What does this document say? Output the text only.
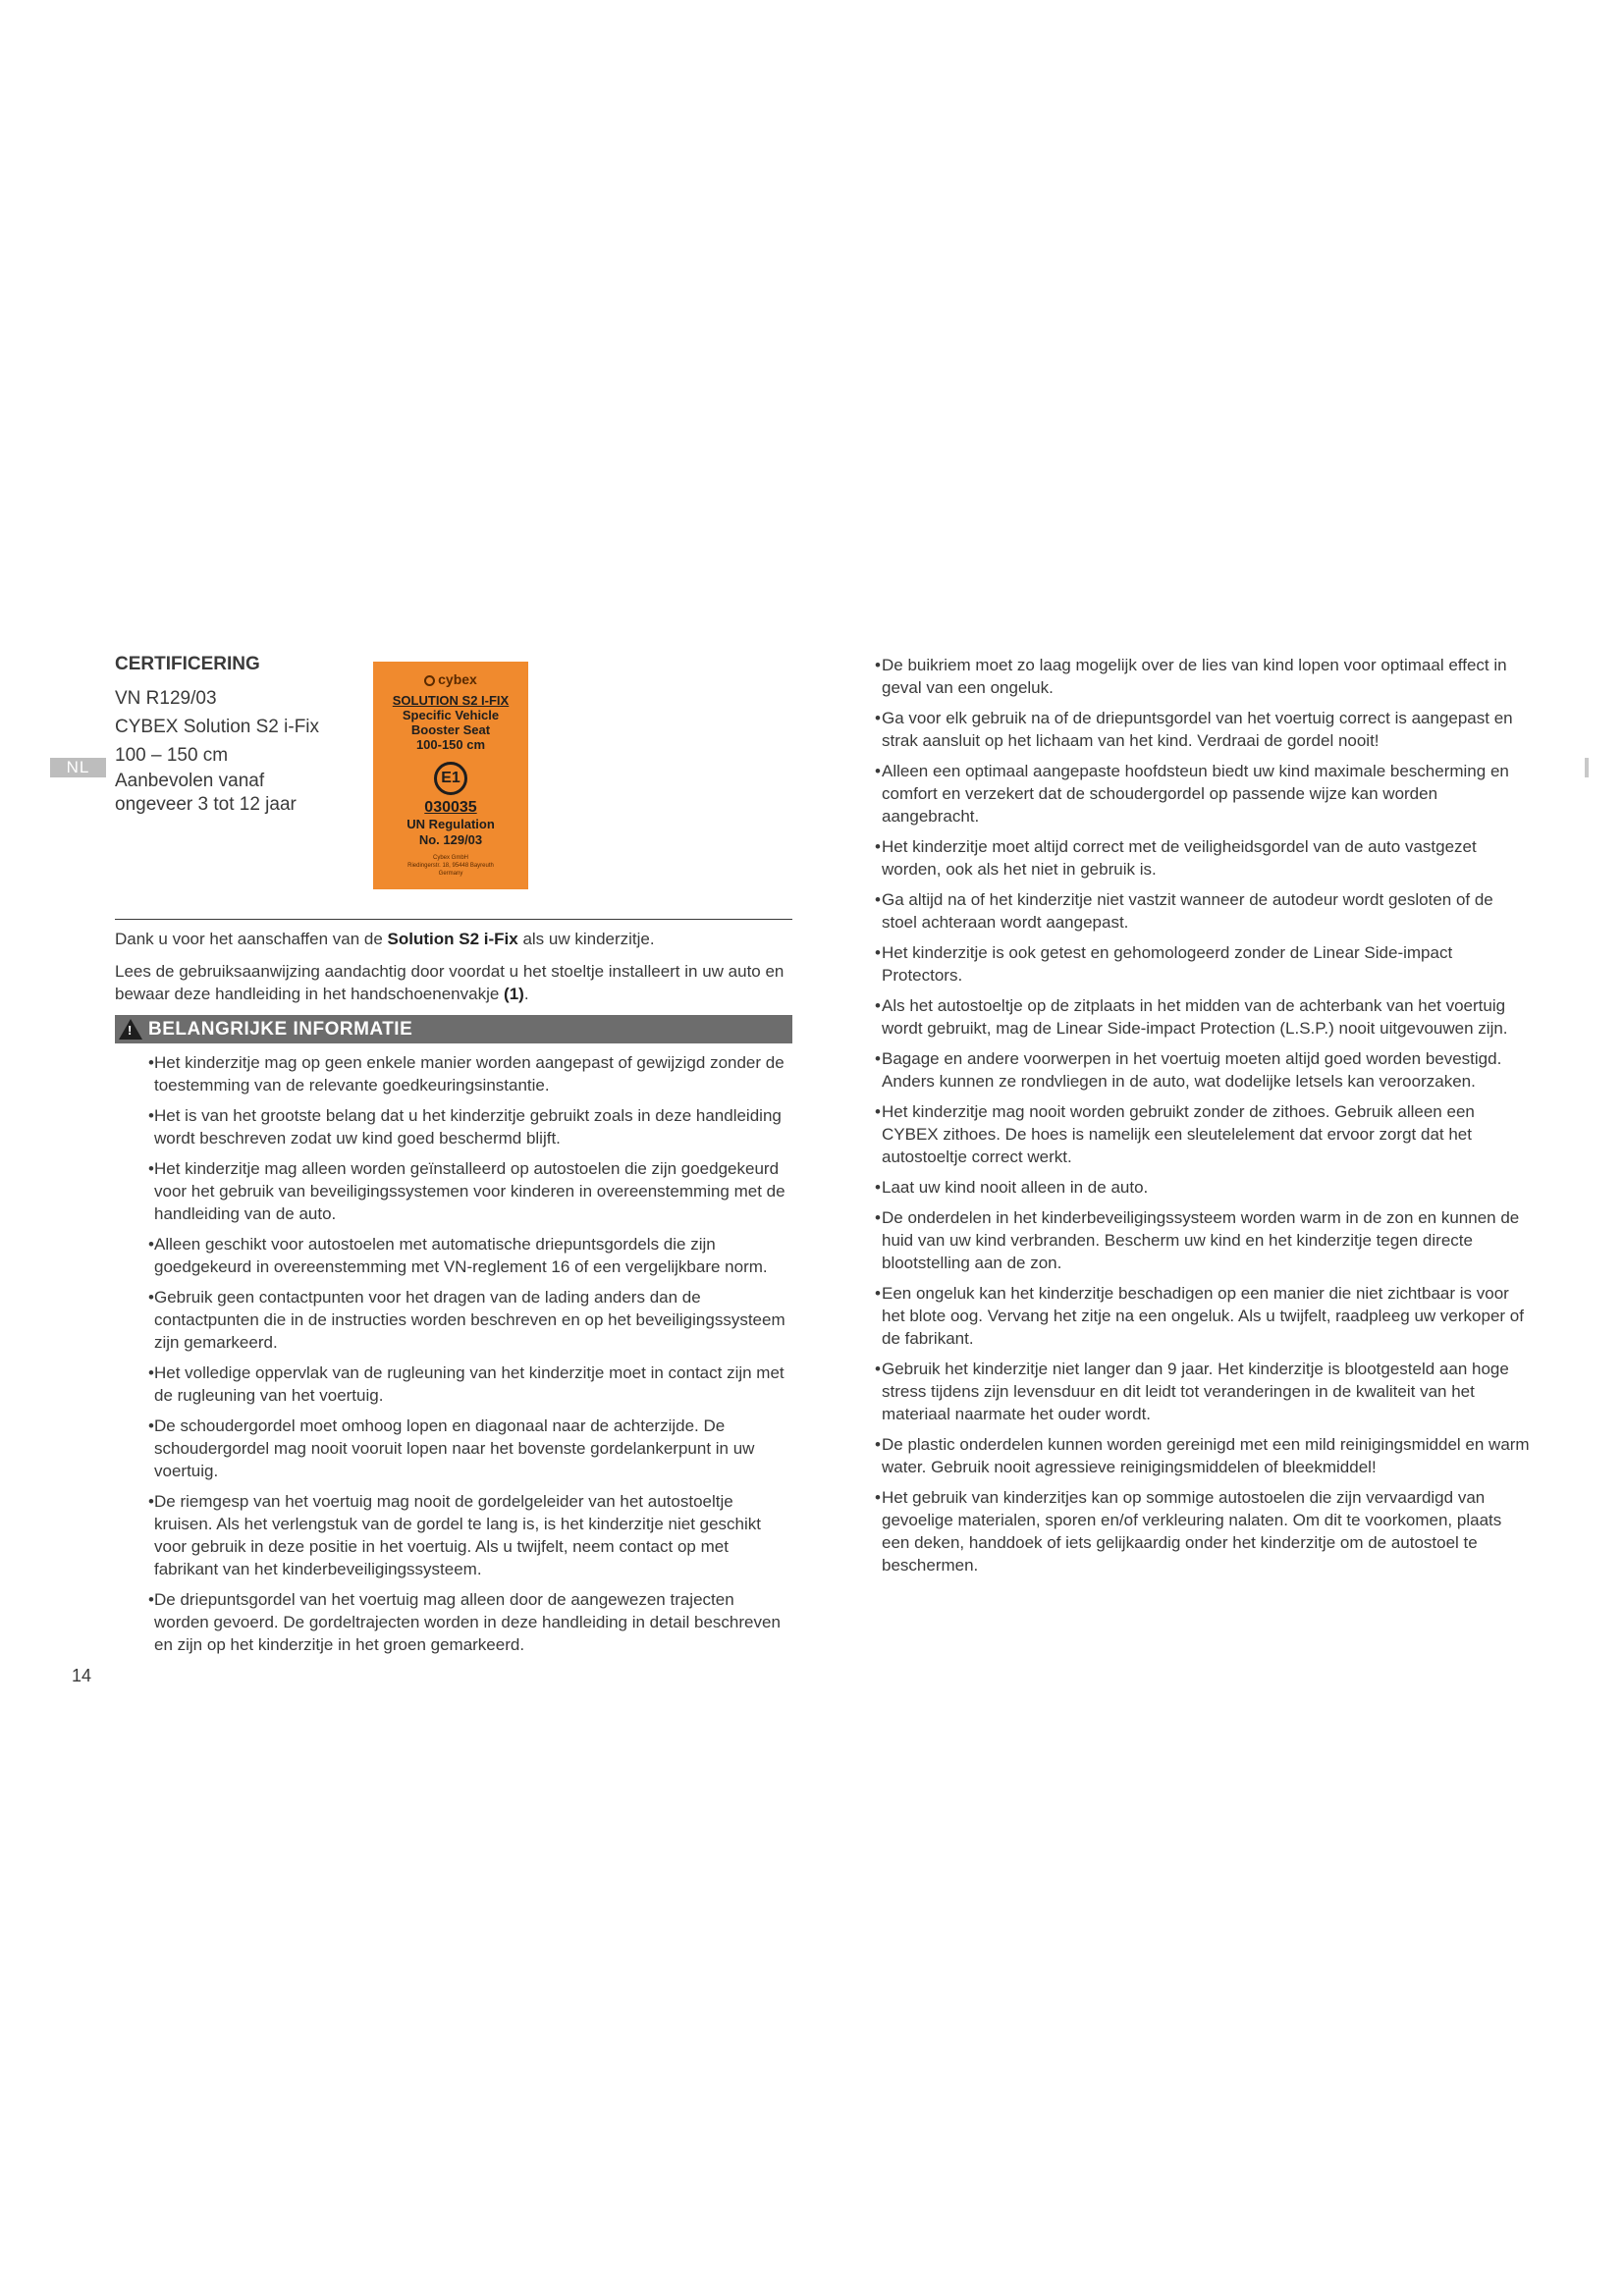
NL
CERTIFICERING
VN R129/03
CYBEX Solution S2 i-Fix
100 – 150 cm
Aanbevolen vanaf
ongeveer 3 tot 12 jaar
cybex
SOLUTION S2 I-FIX
Specific Vehicle
Booster Seat
100-150 cm
E1
030035
UN Regulation
No. 129/03
Cybex GmbH
Riedingerstr. 18, 95448 Bayreuth
Germany

Dank u voor het aanschaffen van de Solution S2 i-Fix als uw kinderzitje.

Lees de gebruiksaanwijzing aandachtig door voordat u het stoeltje installeert in uw auto en bewaar deze handleiding in het handschoenenvakje (1).

! BELANGRIJKE INFORMATIE
• Het kinderzitje mag op geen enkele manier worden aangepast of gewijzigd zonder de toestemming van de relevante goedkeuringsinstantie.
• Het is van het grootste belang dat u het kinderzitje gebruikt zoals in deze handleiding wordt beschreven zodat uw kind goed beschermd blijft.
• Het kinderzitje mag alleen worden geïnstalleerd op autostoelen die zijn goedgekeurd voor het gebruik van beveiligingssystemen voor kinderen in overeenstemming met de handleiding van de auto.
• Alleen geschikt voor autostoelen met automatische driepuntsgordels die zijn goedgekeurd in overeenstemming met VN-reglement 16 of een vergelijkbare norm.
• Gebruik geen contactpunten voor het dragen van de lading anders dan de contactpunten die in de instructies worden beschreven en op het beveiligingssysteem zijn gemarkeerd.
• Het volledige oppervlak van de rugleuning van het kinderzitje moet in contact zijn met de rugleuning van het voertuig.
• De schoudergordel moet omhoog lopen en diagonaal naar de achterzijde. De schoudergordel mag nooit vooruit lopen naar het bovenste gordelankerpunt in uw voertuig.
• De riemgesp van het voertuig mag nooit de gordelgeleider van het autostoeltje kruisen. Als het verlengstuk van de gordel te lang is, is het kinderzitje niet geschikt voor gebruik in deze positie in het voertuig. Als u twijfelt, neem contact op met fabrikant van het kinderbeveiligingssysteem.
• De driepuntsgordel van het voertuig mag alleen door de aangewezen trajecten worden gevoerd. De gordeltrajecten worden in deze handleiding in detail beschreven en zijn op het kinderzitje in het groen gemarkeerd.
• De buikriem moet zo laag mogelijk over de lies van kind lopen voor optimaal effect in geval van een ongeluk.
• Ga voor elk gebruik na of de driepuntsgordel van het voertuig correct is aangepast en strak aansluit op het lichaam van het kind. Verdraai de gordel nooit!
• Alleen een optimaal aangepaste hoofdsteun biedt uw kind maximale bescherming en comfort en verzekert dat de schoudergordel op passende wijze kan worden aangebracht.
• Het kinderzitje moet altijd correct met de veiligheidsgordel van de auto vastgezet worden, ook als het niet in gebruik is.
• Ga altijd na of het kinderzitje niet vastzit wanneer de autodeur wordt gesloten of de stoel achteraan wordt aangepast.
• Het kinderzitje is ook getest en gehomologeerd zonder de Linear Side-impact Protectors.
• Als het autostoeltje op de zitplaats in het midden van de achterbank van het voertuig wordt gebruikt, mag de Linear Side-impact Protection (L.S.P.) nooit uitgevouwen zijn.
• Bagage en andere voorwerpen in het voertuig moeten altijd goed worden bevestigd. Anders kunnen ze rondvliegen in de auto, wat dodelijke letsels kan veroorzaken.
• Het kinderzitje mag nooit worden gebruikt zonder de zithoes. Gebruik alleen een CYBEX zithoes. De hoes is namelijk een sleutelelement dat ervoor zorgt dat het autostoeltje correct werkt.
• Laat uw kind nooit alleen in de auto.
• De onderdelen in het kinderbeveiligingssysteem worden warm in de zon en kunnen de huid van uw kind verbranden. Bescherm uw kind en het kinderzitje tegen directe blootstelling aan de zon.
• Een ongeluk kan het kinderzitje beschadigen op een manier die niet zichtbaar is voor het blote oog. Vervang het zitje na een ongeluk. Als u twijfelt, raadpleeg uw verkoper of de fabrikant.
• Gebruik het kinderzitje niet langer dan 9 jaar. Het kinderzitje is blootgesteld aan hoge stress tijdens zijn levensduur en dit leidt tot veranderingen in de kwaliteit van het materiaal naarmate het ouder wordt.
• De plastic onderdelen kunnen worden gereinigd met een mild reinigingsmiddel en warm water. Gebruik nooit agressieve reinigingsmiddelen of bleekmiddel!
• Het gebruik van kinderzitjes kan op sommige autostoelen die zijn vervaardigd van gevoelige materialen, sporen en/of verkleuring nalaten. Om dit te voorkomen, plaats een deken, handdoek of iets gelijkaardig onder het kinderzitje om de autostoel te beschermen.
14
